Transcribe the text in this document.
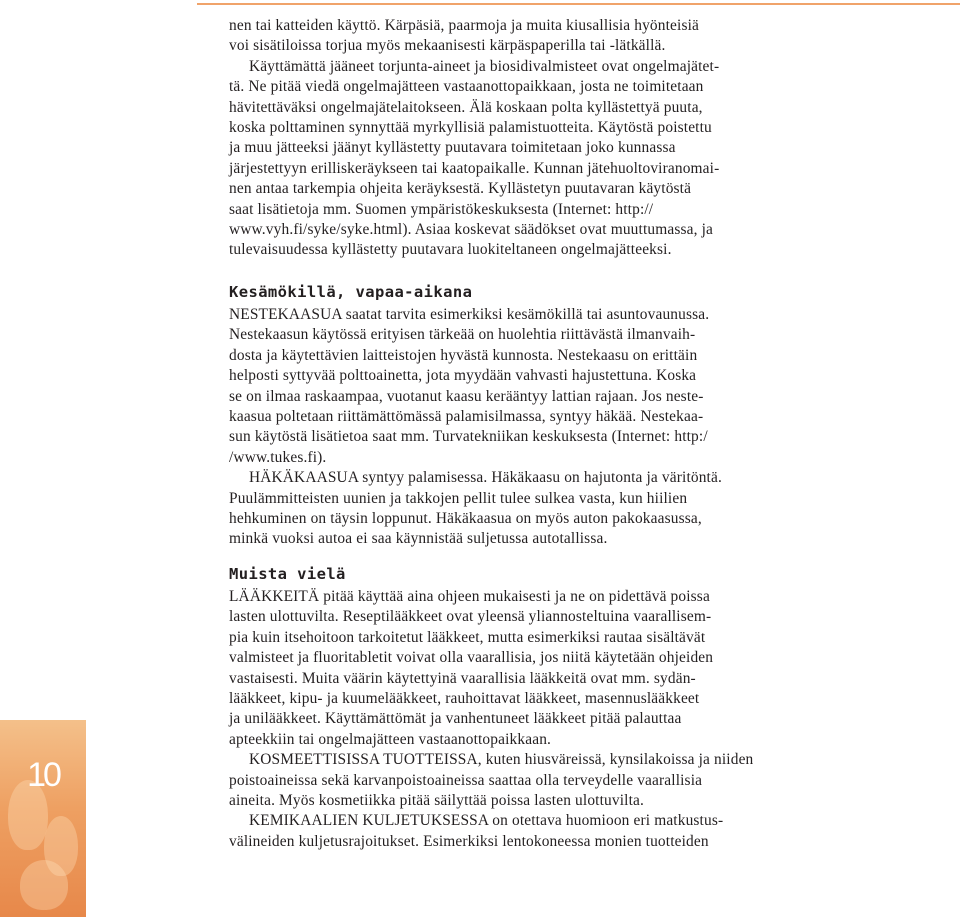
10

nen tai katteiden käyttö. Kärpäsiä, paarmoja ja muita kiusallisia hyönteisiä
voi sisätiloissa torjua myös mekaanisesti kärpäspaperilla tai -lätkällä.
Käyttämättä jääneet torjunta-aineet ja biosidivalmisteet ovat ongelmajätet-
tä. Ne pitää viedä ongelmajätteen vastaanottopaikkaan, josta ne toimitetaan
hävitettäväksi ongelmajätelaitokseen. Älä koskaan polta kyllästettyä puuta,
koska polttaminen synnyttää myrkyllisiä palamistuotteita. Käytöstä poistettu
ja muu jätteeksi jäänyt kyllästetty puutavara toimitetaan joko kunnassa
järjestettyyn erilliskeräykseen tai kaatopaikalle. Kunnan jätehuoltoviranomai-
nen antaa tarkempia ohjeita keräyksestä. Kyllästetyn puutavaran käytöstä
saat lisätietoja mm. Suomen ympäristökeskuksesta (Internet: http://
www.vyh.fi/syke/syke.html). Asiaa koskevat säädökset ovat muuttumassa, ja
tulevaisuudessa kyllästetty puutavara luokiteltaneen ongelmajätteeksi.

Kesämökillä, vapaa-aikana

NESTEKAASUA saatat tarvita esimerkiksi kesämökillä tai asuntovaunussa.
Nestekaasun käytössä erityisen tärkeää on huolehtia riittävästä ilmanvaih-
dosta ja käytettävien laitteistojen hyvästä kunnosta. Nestekaasu on erittäin
helposti syttyvää polttoainetta, jota myydään vahvasti hajustettuna. Koska
se on ilmaa raskaampaa, vuotanut kaasu kerääntyy lattian rajaan. Jos neste-
kaasua poltetaan riittämättömässä palamisilmassa, syntyy häkää. Nestekaa-
sun käytöstä lisätietoa saat mm. Turvatekniikan keskuksesta (Internet: http:/
/www.tukes.fi).

HÄKÄKAASUA syntyy palamisessa. Häkäkaasu on hajutonta ja väritöntä.
Puulämmitteisten uunien ja takkojen pellit tulee sulkea vasta, kun hiilien
hehkuminen on täysin loppunut. Häkäkaasua on myös auton pakokaasussa,
minkä vuoksi autoa ei saa käynnistää suljetussa autotallissa.

Muista vielä

LÄÄKKEITÄ pitää käyttää aina ohjeen mukaisesti ja ne on pidettävä poissa
lasten ulottuvilta. Reseptilääkkeet ovat yleensä yliannosteltuina vaarallisem-
pia kuin itsehoitoon tarkoitetut lääkkeet, mutta esimerkiksi rautaa sisältävät
valmisteet ja fluoritabletit voivat olla vaarallisia, jos niitä käytetään ohjeiden
vastaisesti. Muita väärin käytettyinä vaarallisia lääkkeitä ovat mm. sydän-
lääkkeet, kipu- ja kuumelääkkeet, rauhoittavat lääkkeet, masennuslääkkeet
ja unilääkkeet. Käyttämättömät ja vanhentuneet lääkkeet pitää palauttaa
apteekkiin tai ongelmajätteen vastaanottopaikkaan.

KOSMEETTISISSA TUOTTEISSA, kuten hiusväreissä, kynsilakoissa ja niiden
poistoaineissa sekä karvanpoistoaineissa saattaa olla terveydelle vaarallisia
aineita. Myös kosmetiikka pitää säilyttää poissa lasten ulottuvilta.

KEMIKAALIEN KULJETUKSESSA on otettava huomioon eri matkustus-
välineiden kuljetusrajoitukset. Esimerkiksi lentokoneessa monien tuotteiden
